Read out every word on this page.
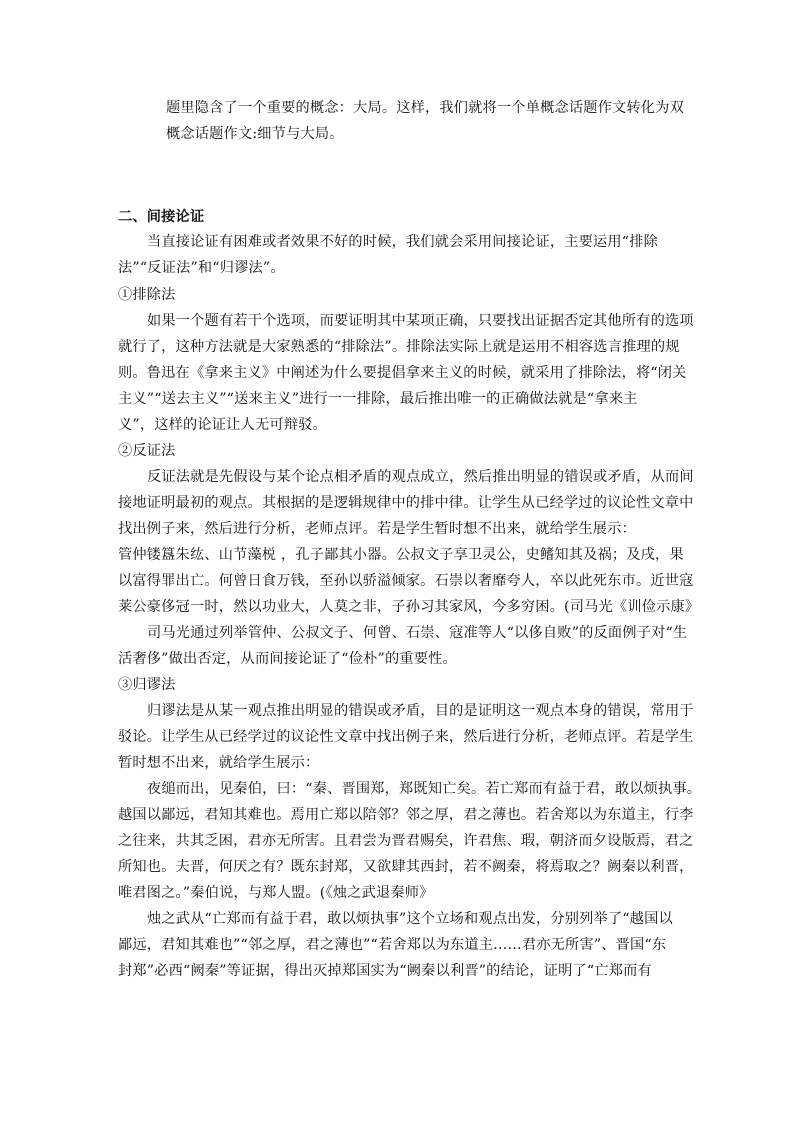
题里隐含了一个重要的概念：大局。这样，我们就将一个单概念话题作文转化为双
概念话题作文:细节与大局。
二、间接论证
当直接论证有困难或者效果不好的时候，我们就会采用间接论证，主要运用“排除
法”“反证法”和“归谬法”。
①排除法
如果一个题有若干个选项，而要证明其中某项正确，只要找出证据否定其他所有的选项
就行了，这种方法就是大家熟悉的“排除法”。排除法实际上就是运用不相容选言推理的规
则。鲁迅在《拿来主义》中阐述为什么要提倡拿来主义的时候，就采用了排除法，将“闭关
主义”“送去主义”“送来主义”进行一一排除，最后推出唯一的正确做法就是“拿来主
义”，这样的论证让人无可辩驳。
②反证法
反证法就是先假设与某个论点相矛盾的观点成立，然后推出明显的错误或矛盾，从而间
接地证明最初的观点。其根据的是逻辑规律中的排中律。让学生从已经学过的议论性文章中
找出例子来，然后进行分析，老师点评。若是学生暂时想不出来，就给学生展示：
管仲镂簋朱纮、山节藻棁 ，孔子鄙其小器。公叔文子享卫灵公，史鳍知其及祸；及戌，果
以富得罪出亡。何曾日食万钱，至孙以骄溢倾家。石崇以奢靡夸人，卒以此死东市。近世寇
莱公豪侈冠一时，然以功业大，人莫之非，子孙习其家风，今多穷困。(司马光《训俭示康》
司马光通过列举管仲、公叔文子、何曾、石崇、寇准等人“以侈自败”的反面例子对“生
活奢侈”做出否定，从而间接论证了“俭朴”的重要性。
③归谬法
归谬法是从某一观点推出明显的错误或矛盾，目的是证明这一观点本身的错误，常用于
驳论。让学生从已经学过的议论性文章中找出例子来，然后进行分析，老师点评。若是学生
暂时想不出来，就给学生展示：
夜缒而出，见秦伯，曰：“秦、晋围郑，郑既知亡矣。若亡郑而有益于君，敢以烦执事。
越国以鄙远，君知其难也。焉用亡郑以陪邻？邻之厚，君之薄也。若舍郑以为东道主，行李
之往来，共其乏困，君亦无所害。且君尝为晋君赐矣，许君焦、瑕，朝济而夕设版焉，君之
所知也。夫晋，何厌之有？既东封郑，又欲肆其西封，若不阙秦，将焉取之？阙秦以利晋，
唯君图之。”秦伯说，与郑人盟。(《烛之武退秦师》
烛之武从“亡郑而有益于君，敢以烦执事”这个立场和观点出发，分别列举了“越国以
鄙远，君知其难也”“邻之厚，君之薄也”“若舍郑以为东道主……君亦无所害”、晋国“东
封郑”必西“阙秦”等证据，得出灭掉郑国实为“阙秦以利晋”的结论，证明了“亡郑而有
